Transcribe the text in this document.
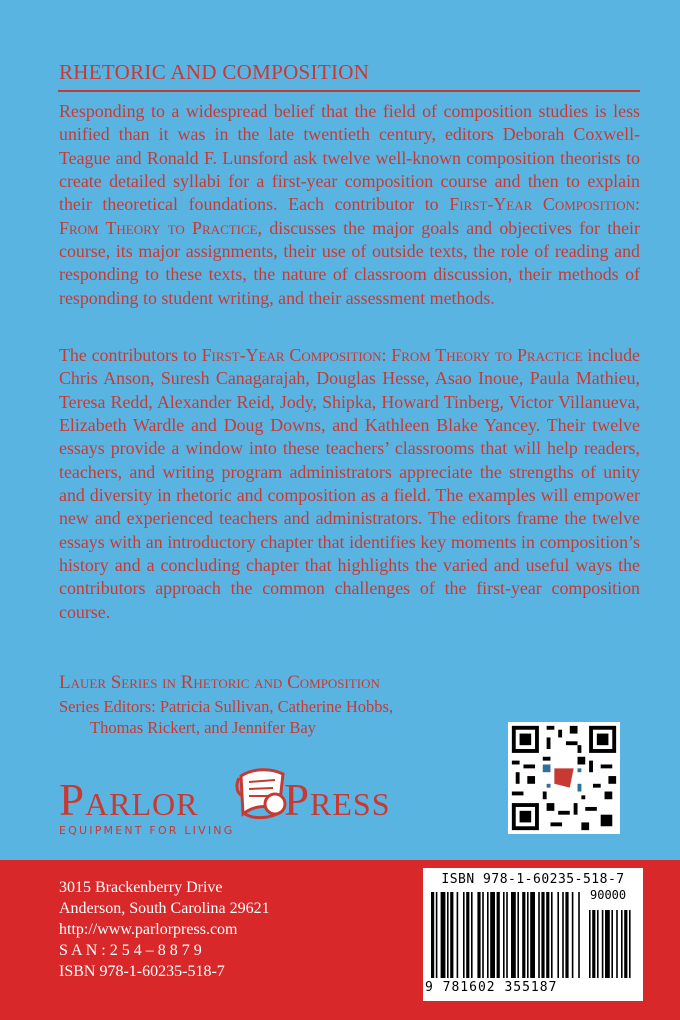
RHETORIC AND COMPOSITION
Responding to a widespread belief that the field of composition studies is less unified than it was in the late twentieth century, editors Deborah Coxwell-Teague and Ronald F. Lunsford ask twelve well-known composition theorists to create detailed syllabi for a first-year composition course and then to explain their theoretical foundations. Each contributor to First-Year Composition: From Theory to Practice, discusses the major goals and objectives for their course, its major assignments, their use of outside texts, the role of reading and responding to these texts, the nature of classroom discussion, their methods of responding to student writing, and their assessment methods.
The contributors to First-Year Composition: From Theory to Practice include Chris Anson, Suresh Canagarajah, Douglas Hesse, Asao Inoue, Paula Mathieu, Teresa Redd, Alexander Reid, Jody, Shipka, Howard Tinberg, Victor Villanueva, Elizabeth Wardle and Doug Downs, and Kathleen Blake Yancey. Their twelve essays provide a window into these teachers’ classrooms that will help readers, teachers, and writing program administrators appreciate the strengths of unity and diversity in rhetoric and composition as a field. The examples will empower new and experienced teachers and administrators. The editors frame the twelve essays with an introductory chapter that identifies key moments in composition’s history and a concluding chapter that highlights the varied and useful ways the contributors approach the common challenges of the first-year composition course.
Lauer Series in Rhetoric and Composition
Series Editors: Patricia Sullivan, Catherine Hobbs,
Thomas Rickert, and Jennifer Bay
Parlor Press
EQUIPMENT FOR LIVING
3015 Brackenberry Drive
Anderson, South Carolina 29621
http://www.parlorpress.com
S A N : 2 5 4 – 8 8 7 9
ISBN 978-1-60235-518-7
ISBN 978-1-60235-518-7
90000
9 781602 355187
